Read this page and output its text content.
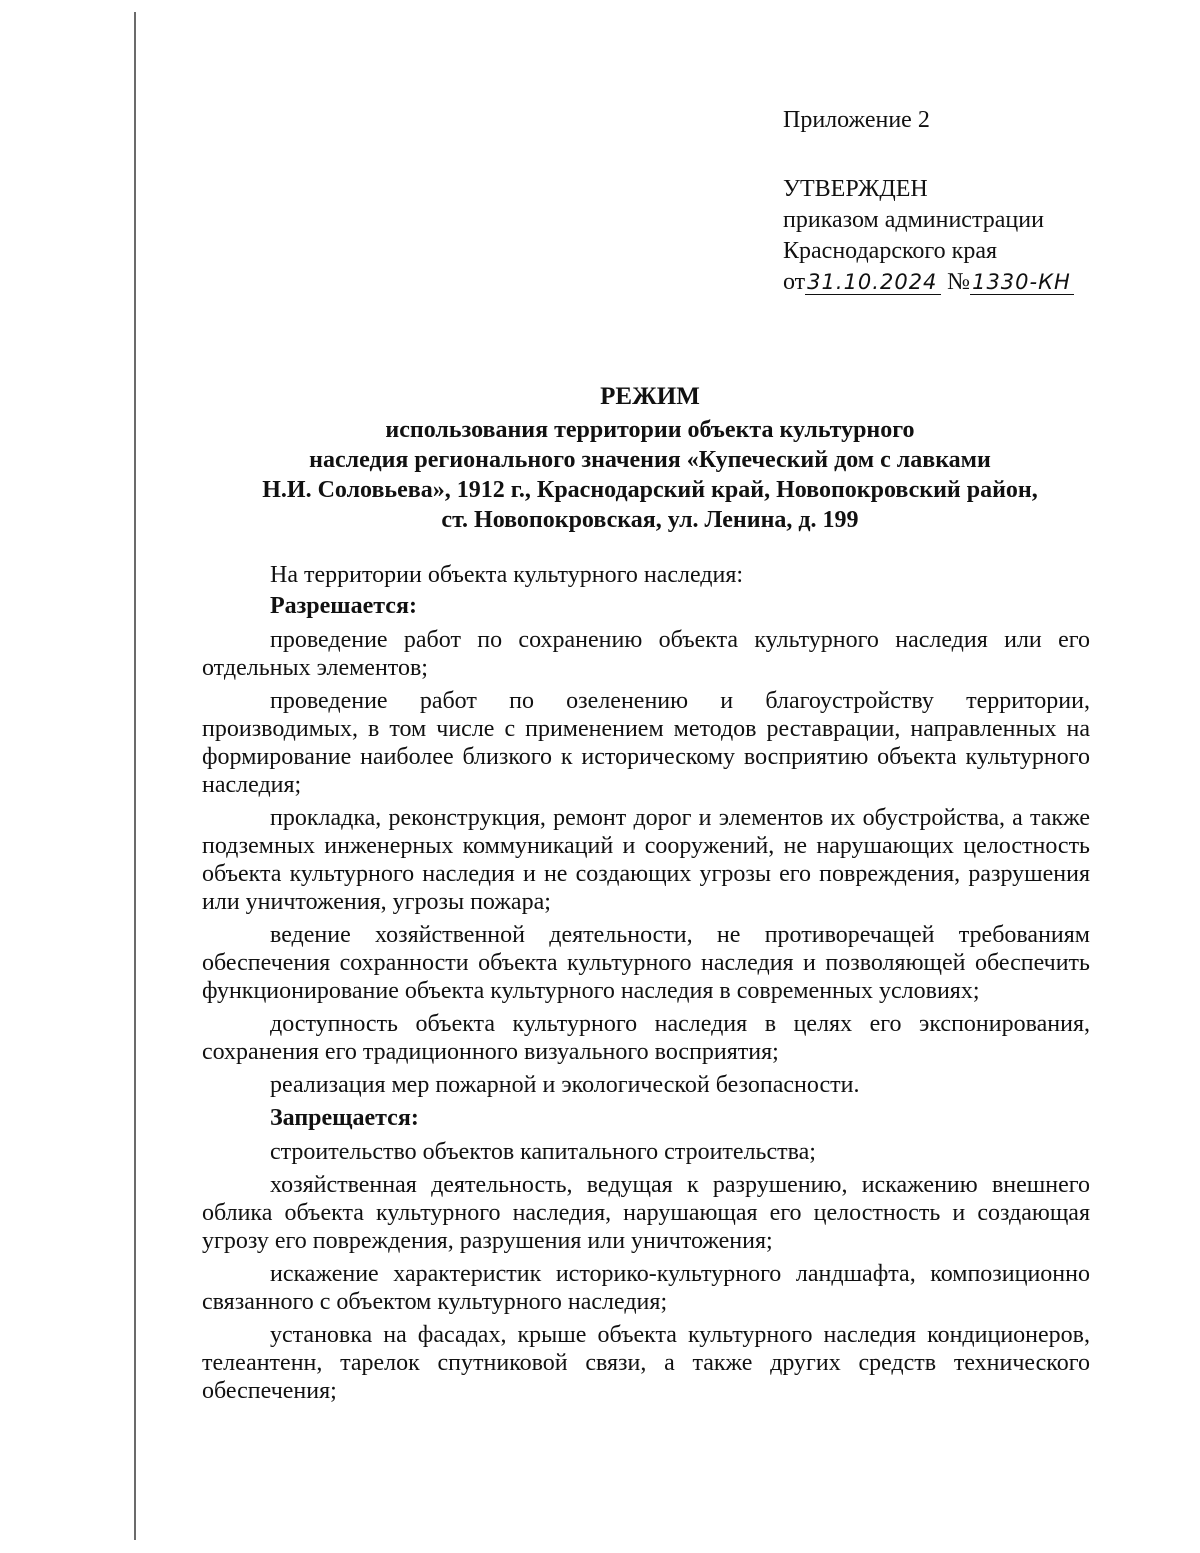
Приложение 2
УТВЕРЖДЕН
приказом администрации
Краснодарского края
от31.10.2024 №1330-КН
РЕЖИМ
использования территории объекта культурного
наследия регионального значения «Купеческий дом с лавками
Н.И. Соловьева», 1912 г., Краснодарский край, Новопокровский район,
ст. Новопокровская, ул. Ленина, д. 199

На территории объекта культурного наследия:

Разрешается:

проведение работ по сохранению объекта культурного наследия или его отдельных элементов;

проведение работ по озеленению и благоустройству территории, производимых, в том числе с применением методов реставрации, направленных на формирование наиболее близкого к историческому восприятию объекта культурного наследия;

прокладка, реконструкция, ремонт дорог и элементов их обустройства, а также подземных инженерных коммуникаций и сооружений, не нарушающих целостность объекта культурного наследия и не создающих угрозы его повреждения, разрушения или уничтожения, угрозы пожара;

ведение хозяйственной деятельности, не противоречащей требованиям обеспечения сохранности объекта культурного наследия и позволяющей обеспечить функционирование объекта культурного наследия в современных условиях;

доступность объекта культурного наследия в целях его экспонирования, сохранения его традиционного визуального восприятия;

реализация мер пожарной и экологической безопасности.

Запрещается:

строительство объектов капитального строительства;

хозяйственная деятельность, ведущая к разрушению, искажению внешнего облика объекта культурного наследия, нарушающая его целостность и создающая угрозу его повреждения, разрушения или уничтожения;

искажение характеристик историко-культурного ландшафта, композиционно связанного с объектом культурного наследия;

установка на фасадах, крыше объекта культурного наследия кондиционеров, телеантенн, тарелок спутниковой связи, а также других средств технического обеспечения;
